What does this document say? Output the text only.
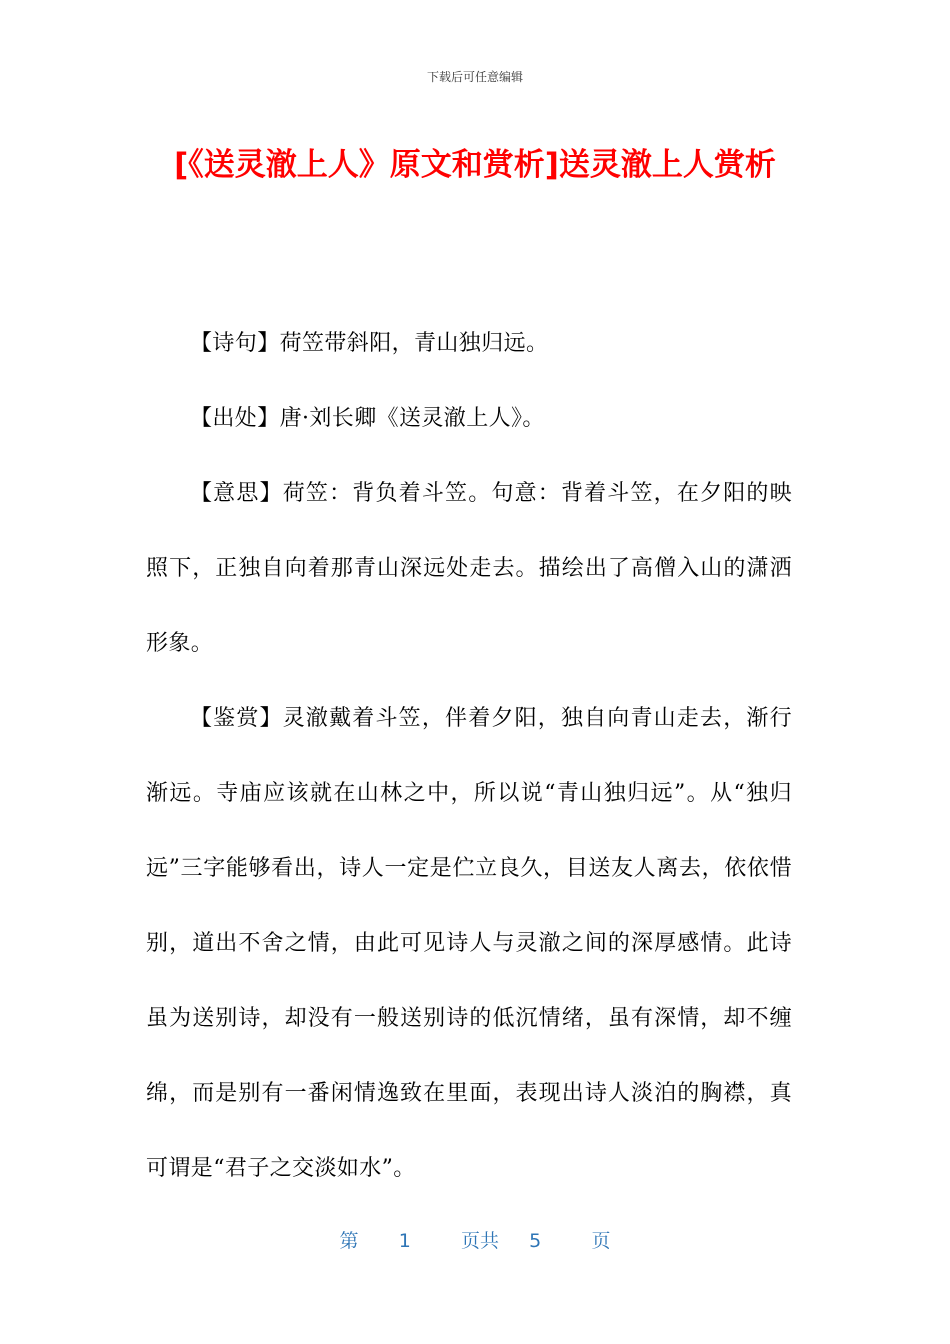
下载后可任意编辑
[《送灵澈上人》原文和赏析]送灵澈上人赏析

【诗句】荷笠带斜阳，青山独归远。

【出处】唐·刘长卿《送灵澈上人》。

【意思】荷笠：背负着斗笠。句意：背着斗笠，在夕阳的映照下，正独自向着那青山深远处走去。描绘出了高僧入山的潇洒形象。

【鉴赏】灵澈戴着斗笠，伴着夕阳，独自向青山走去，渐行渐远。寺庙应该就在山林之中，所以说“青山独归远”。从“独归远”三字能够看出，诗人一定是伫立良久，目送友人离去，依依惜别，道出不舍之情，由此可见诗人与灵澈之间的深厚感情。此诗虽为送别诗，却没有一般送别诗的低沉情绪，虽有深情，却不缠绵，而是别有一番闲情逸致在里面，表现出诗人淡泊的胸襟，真可谓是“君子之交淡如水”。

第 1	页共 5	页
